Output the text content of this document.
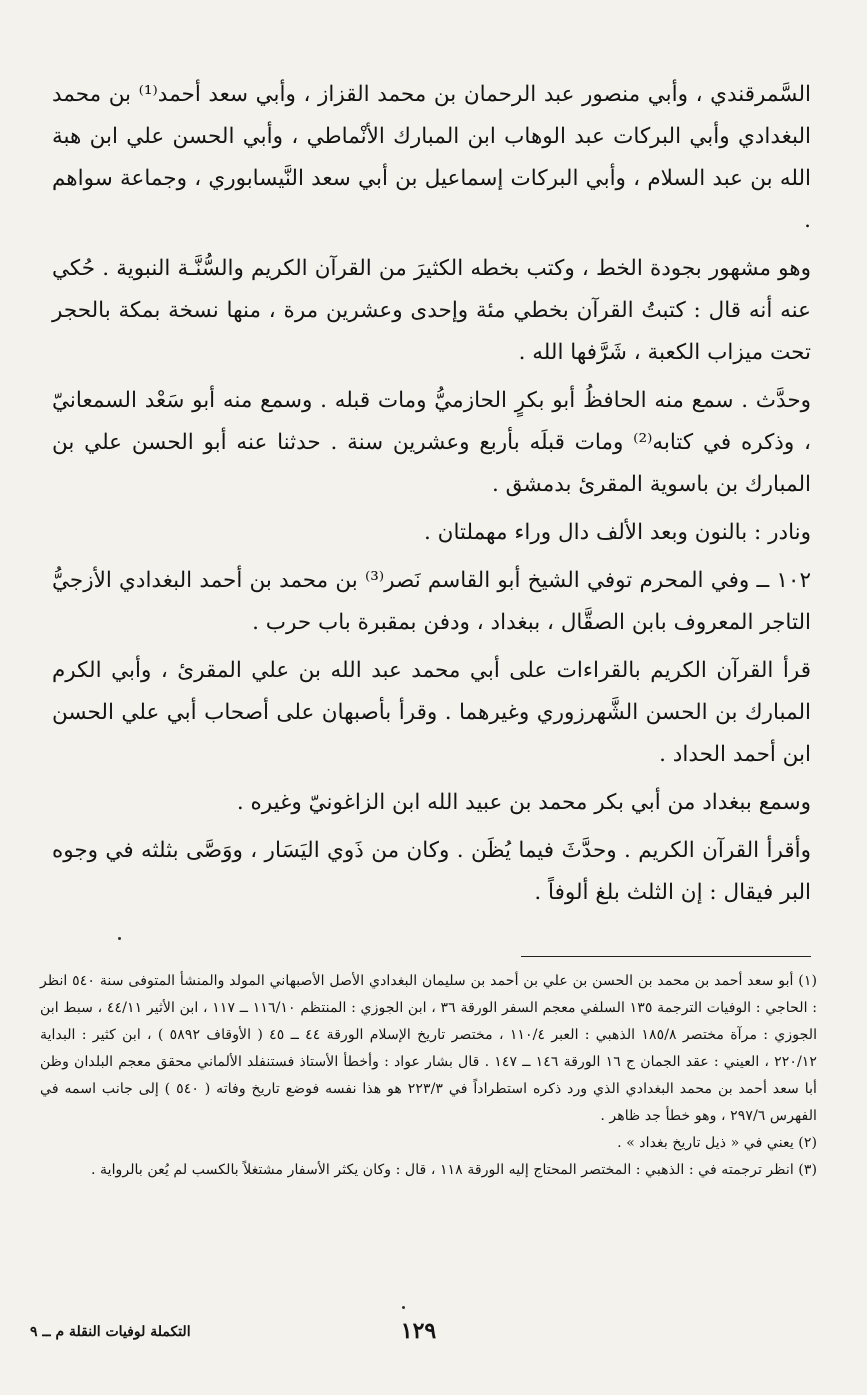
السَّمرقندي ، وأبي منصور عبد الرحمان بن محمد القزاز ، وأبي سعد أحمد⁽¹⁾ بن محمد البغدادي وأبي البركات عبد الوهاب ابن المبارك الأنْماطي ، وأبي الحسن علي ابن هبة الله بن عبد السلام ، وأبي البركات إسماعيل بن أبي سعد النَّيسابوري ، وجماعة سواهم .

وهو مشهور بجودة الخط ، وكتب بخطه الكثيرَ من القرآن الكريم والسُّنَّـة النبوية . حُكي عنه أنه قال : كتبتُ القرآن بخطي مئة وإحدى وعشرين مرة ، منها نسخة بمكة بالحجر تحت ميزاب الكعبة ، شَرَّفها الله .

وحدَّث . سمع منه الحافظُ أبو بكرٍ الحازميُّ ومات قبله . وسمع منه أبو سَعْد السمعانيّ ، وذكره في كتابه⁽²⁾ ومات قبلَه بأربع وعشرين سنة . حدثنا عنه أبو الحسن علي بن المبارك بن باسوية المقرئ بدمشق .

ونادر : بالنون وبعد الألف دال وراء مهملتان .

١٠٢ ــ وفي المحرم توفي الشيخ أبو القاسم نَصر⁽³⁾ بن محمد بن أحمد البغدادي الأزجيُّ التاجر المعروف بابن الصقَّال ، ببغداد ، ودفن بمقبرة باب حرب .

قرأ القرآن الكريم بالقراءات على أبي محمد عبد الله بن علي المقرئ ، وأبي الكرم المبارك بن الحسن الشَّهرزوري وغيرهما . وقرأ بأصبهان على أصحاب أبي علي الحسن ابن أحمد الحداد .

وسمع ببغداد من أبي بكر محمد بن عبيد الله ابن الزاغونيّ وغيره .

وأقرأ القرآن الكريم . وحدَّثَ فيما يُظَن . وكان من ذَوي اليَسَار ، ووَصَّى بثلثه في وجوه البر فيقال : إن الثلث بلغ ألوفاً .

(١) أبو سعد أحمد بن محمد بن الحسن بن علي بن أحمد بن سليمان البغدادي الأصل الأصبهاني المولد والمنشأ المتوفى سنة ٥٤٠ انظر : الحاجي : الوفيات الترجمة ١٣٥ السلفي معجم السفر الورقة ٣٦ ، ابن الجوزي : المنتظم ١١٦/١٠ ــ ١١٧ ، ابن الأثير ٤٤/١١ ، سبط ابن الجوزي : مرآة مختصر ١٨٥/٨ الذهبي : العبر ١١٠/٤ ، مختصر تاريخ الإسلام الورقة ٤٤ ــ ٤٥ ( الأوقاف ٥٨٩٢ ) ، ابن كثير : البداية ٢٢٠/١٢ ، العيني : عقد الجمان ج ١٦ الورقة ١٤٦ ــ ١٤٧ . قال بشار عواد : وأخطأ الأستاذ فستنفلد الألماني محقق معجم البلدان وظن أبا سعد أحمد بن محمد البغدادي الذي ورد ذكره استطراداً في ٢٢٣/٣ هو هذا نفسه فوضع تاريخ وفاته ( ٥٤٠ ) إلى جانب اسمه في الفهرس ٢٩٧/٦ ، وهو خطأ جد ظاهر .

(٢) يعني في « ذيل تاريخ بغداد » .

(٣) انظر ترجمته في : الذهبي : المختصر المحتاج إليه الورقة ١١٨ ، قال : وكان يكثر الأسفار مشتغلاً بالكسب لم يُعن بالرواية .

١٢٩
التكملة لوفيات النقلة م ــ ٩
